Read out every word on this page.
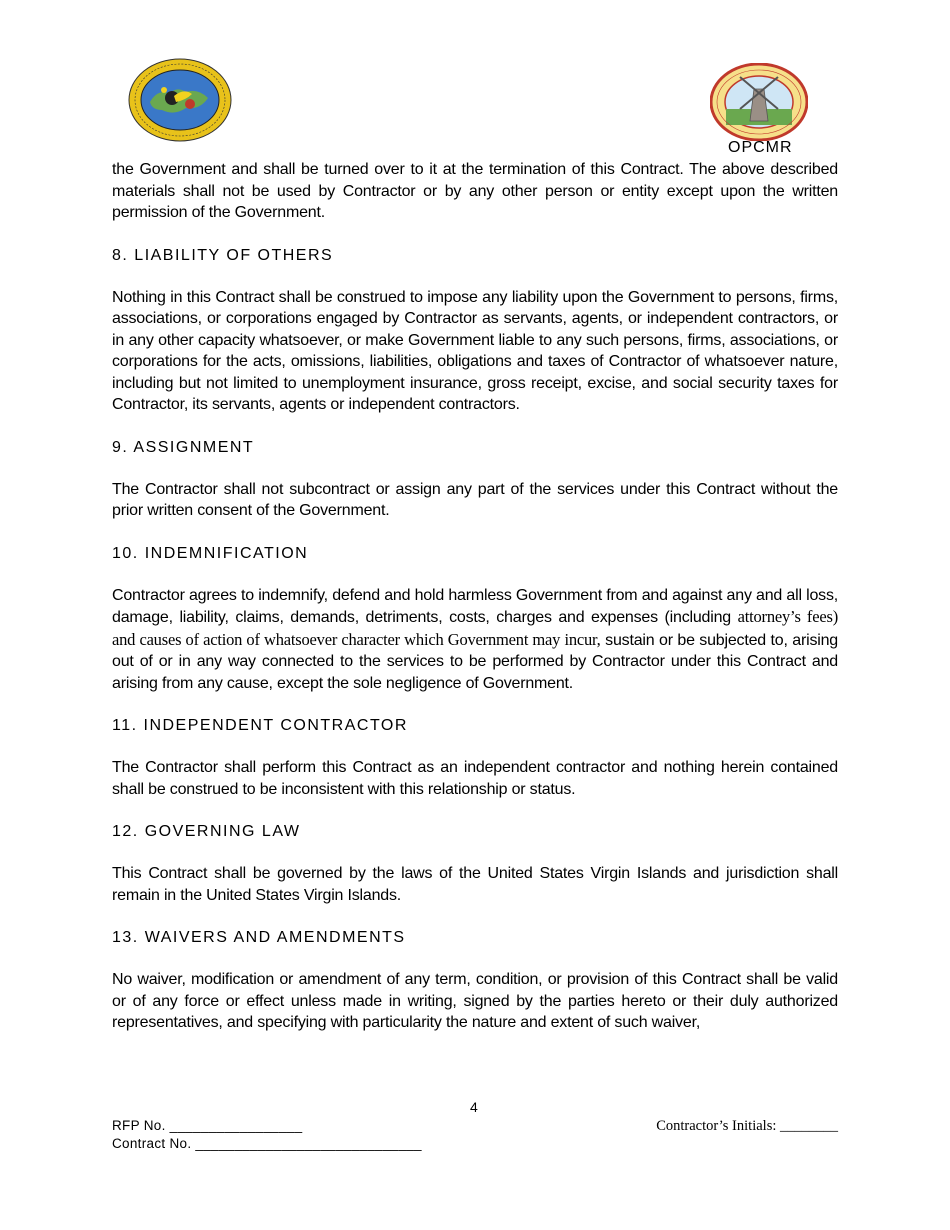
OPCMR

the Government and shall be turned over to it at the termination of this Contract. The above described materials shall not be used by Contractor or by any other person or entity except upon the written permission of the Government.

8. LIABILITY OF OTHERS

Nothing in this Contract shall be construed to impose any liability upon the Government to persons, firms, associations, or corporations engaged by Contractor as servants, agents, or independent contractors, or in any other capacity whatsoever, or make Government liable to any such persons, firms, associations, or corporations for the acts, omissions, liabilities, obligations and taxes of Contractor of whatsoever nature, including but not limited to unemployment insurance, gross receipt, excise, and social security taxes for Contractor, its servants, agents or independent contractors.

9. ASSIGNMENT

The Contractor shall not subcontract or assign any part of the services under this Contract without the prior written consent of the Government.

10. INDEMNIFICATION

Contractor agrees to indemnify, defend and hold harmless Government from and against any and all loss, damage, liability, claims, demands, detriments, costs, charges and expenses (including attorney’s fees) and causes of action of whatsoever character which Government may incur, sustain or be subjected to, arising out of or in any way connected to the services to be performed by Contractor under this Contract and arising from any cause, except the sole negligence of Government.

11. INDEPENDENT CONTRACTOR

The Contractor shall perform this Contract as an independent contractor and nothing herein contained shall be construed to be inconsistent with this relationship or status.

12. GOVERNING LAW

This Contract shall be governed by the laws of the United States Virgin Islands and jurisdiction shall remain in the United States Virgin Islands.

13. WAIVERS AND AMENDMENTS

No waiver, modification or amendment of any term, condition, or provision of this Contract shall be valid or of any force or effect unless made in writing, signed by the parties hereto or their duly authorized representatives, and specifying with particularity the nature and extent of such waiver,

4
RFP No. _________________
Contract No. _____________________________
Contractor’s Initials: ________
